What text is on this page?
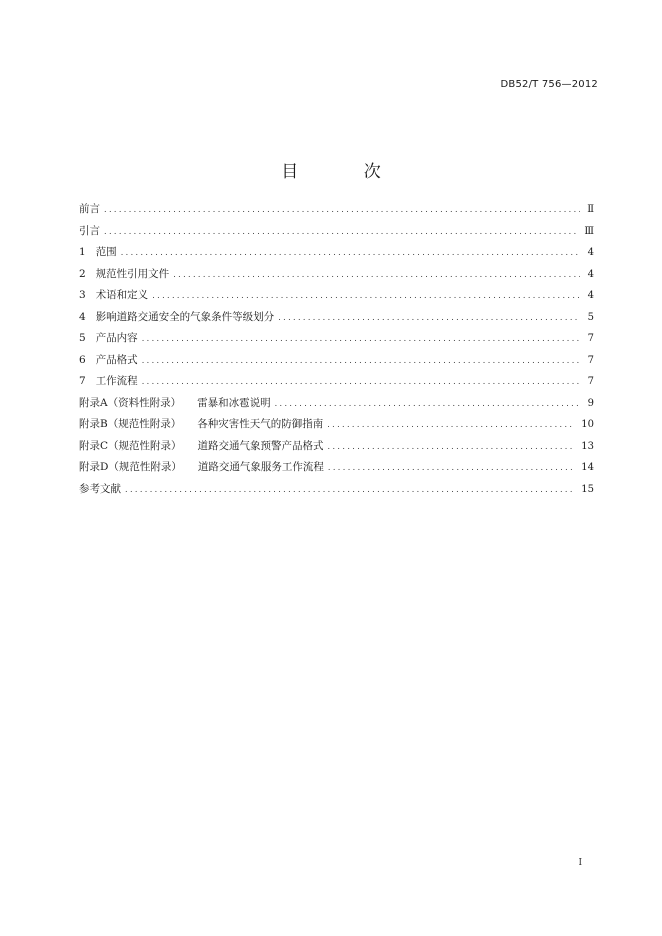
DB52/T 756—2012
目 次
前言 .....	Ⅱ
引言 .....	Ⅲ
1 范围 .....	4
2 规范性引用文件 .....	4
3 术语和定义 .....	4
4 影响道路交通安全的气象条件等级划分 .....	5
5 产品内容 .....	7
6 产品格式 .....	7
7 工作流程 .....	7
附录A（资料性附录） 雷暴和冰雹说明 .....	9
附录B（规范性附录） 各种灾害性天气的防御指南 .....	10
附录C（规范性附录） 道路交通气象预警产品格式 .....	13
附录D（规范性附录） 道路交通气象服务工作流程 .....	14
参考文献 .....	15
I
